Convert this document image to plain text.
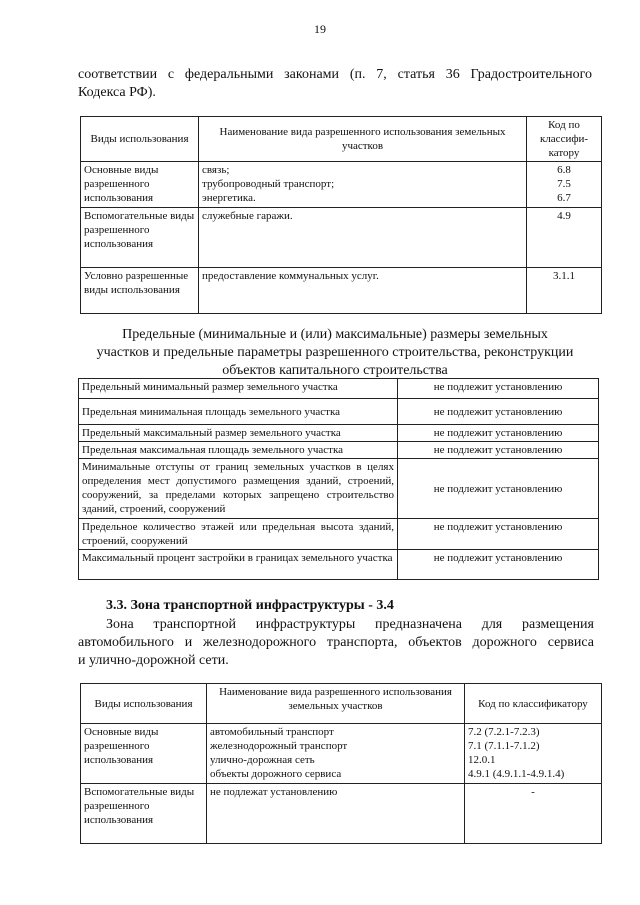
19
соответствии с федеральными законами (п. 7, статья 36 Градостроительного
Кодекса РФ).
Виды использования	Наименование вида разрешенного использования земельных участков	Код по классифи-катору
Основные виды разрешенного использования	связь;
трубопроводный транспорт;
энергетика.	6.8
7.5
6.7

Вспомогательные виды разрешенного использования	служебные гаражи.	4.9

Условно разрешенные виды использования	предоставление коммунальных услуг.	3.1.1
Предельные (минимальные и (или) максимальные) размеры земельных
участков и предельные параметры разрешенного строительства, реконструкции
объектов капитального строительства
Предельный минимальный размер земельного участка	не подлежит установлению
Предельная минимальная площадь земельного участка	не подлежит установлению
Предельный максимальный размер земельного участка	не подлежит установлению
Предельная максимальная площадь земельного участка	не подлежит установлению
Минимальные отступы от границ земельных участков в целях определения мест допустимого размещения зданий, строений, сооружений, за пределами которых запрещено строительство зданий, строений, сооружений	не подлежит установлению
Предельное количество этажей или предельная высота зданий, строений, сооружений	не подлежит установлению
Максимальный процент застройки в границах земельного участка	не подлежит установлению
3.3. Зона транспортной инфраструктуры - 3.4
Зона транспортной инфраструктуры предназначена для размещения
автомобильного и железнодорожного транспорта, объектов дорожного сервиса
и улично-дорожной сети.
Виды использования	Наименование вида разрешенного использования земельных участков	Код по классификатору
Основные виды разрешенного использования	автомобильный транспорт
железнодорожный транспорт
улично-дорожная сеть
объекты дорожного сервиса	7.2 (7.2.1-7.2.3)
7.1 (7.1.1-7.1.2)
12.0.1
4.9.1 (4.9.1.1-4.9.1.4)

Вспомогательные виды разрешенного использования	не подлежат установлению	-
